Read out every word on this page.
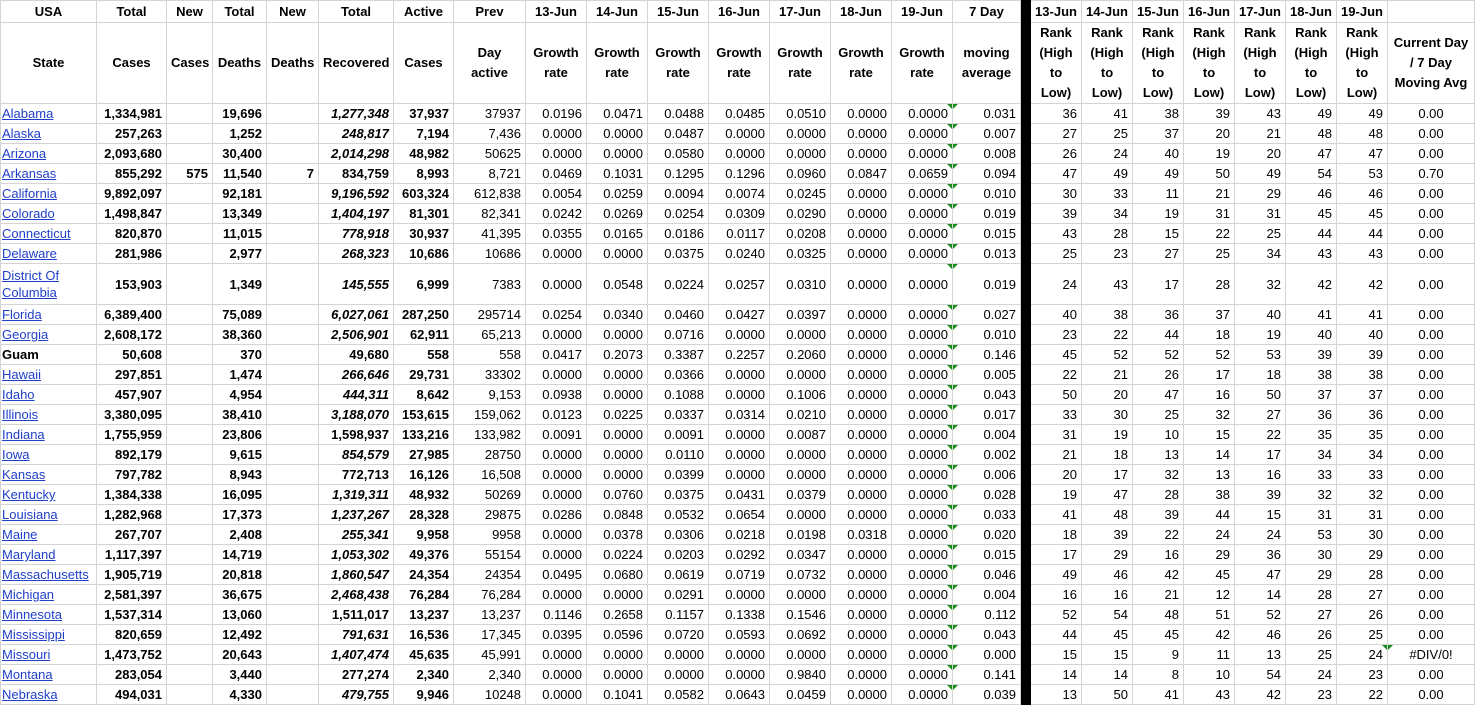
USA	Total	New	Total	New	Total	Active	Prev	13-Jun	14-Jun	15-Jun	16-Jun	17-Jun	18-Jun	19-Jun	7 Day		13-Jun	14-Jun	15-Jun	16-Jun	17-Jun	18-Jun	19-Jun	
State	Cases	Cases	Deaths	Deaths	Recovered	Cases	Day active	Growth rate	Growth rate	Growth rate	Growth rate	Growth rate	Growth rate	Growth rate	moving average		Rank (High to Low)	Rank (High to Low)	Rank (High to Low)	Rank (High to Low)	Rank (High to Low)	Rank (High to Low)	Rank (High to Low)	Current Day / 7 Day Moving Avg
Alabama	1,334,981		19,696		1,277,348	37,937	37937	0.0196	0.0471	0.0488	0.0485	0.0510	0.0000	0.0000	0.031		36	41	38	39	43	49	49	0.00
Alaska	257,263		1,252		248,817	7,194	7,436	0.0000	0.0000	0.0487	0.0000	0.0000	0.0000	0.0000	0.007		27	25	37	20	21	48	48	0.00
Arizona	2,093,680		30,400		2,014,298	48,982	50625	0.0000	0.0000	0.0580	0.0000	0.0000	0.0000	0.0000	0.008		26	24	40	19	20	47	47	0.00
Arkansas	855,292	575	11,540	7	834,759	8,993	8,721	0.0469	0.1031	0.1295	0.1296	0.0960	0.0847	0.0659	0.094		47	49	49	50	49	54	53	0.70
California	9,892,097		92,181		9,196,592	603,324	612,838	0.0054	0.0259	0.0094	0.0074	0.0245	0.0000	0.0000	0.010		30	33	11	21	29	46	46	0.00
Colorado	1,498,847		13,349		1,404,197	81,301	82,341	0.0242	0.0269	0.0254	0.0309	0.0290	0.0000	0.0000	0.019		39	34	19	31	31	45	45	0.00
Connecticut	820,870		11,015		778,918	30,937	41,395	0.0355	0.0165	0.0186	0.0117	0.0208	0.0000	0.0000	0.015		43	28	15	22	25	44	44	0.00
Delaware	281,986		2,977		268,323	10,686	10686	0.0000	0.0000	0.0375	0.0240	0.0325	0.0000	0.0000	0.013		25	23	27	25	34	43	43	0.00
District Of Columbia	153,903		1,349		145,555	6,999	7383	0.0000	0.0548	0.0224	0.0257	0.0310	0.0000	0.0000	0.019		24	43	17	28	32	42	42	0.00
Florida	6,389,400		75,089		6,027,061	287,250	295714	0.0254	0.0340	0.0460	0.0427	0.0397	0.0000	0.0000	0.027		40	38	36	37	40	41	41	0.00
Georgia	2,608,172		38,360		2,506,901	62,911	65,213	0.0000	0.0000	0.0716	0.0000	0.0000	0.0000	0.0000	0.010		23	22	44	18	19	40	40	0.00
Guam	50,608		370		49,680	558	558	0.0417	0.2073	0.3387	0.2257	0.2060	0.0000	0.0000	0.146		45	52	52	52	53	39	39	0.00
Hawaii	297,851		1,474		266,646	29,731	33302	0.0000	0.0000	0.0366	0.0000	0.0000	0.0000	0.0000	0.005		22	21	26	17	18	38	38	0.00
Idaho	457,907		4,954		444,311	8,642	9,153	0.0938	0.0000	0.1088	0.0000	0.1006	0.0000	0.0000	0.043		50	20	47	16	50	37	37	0.00
Illinois	3,380,095		38,410		3,188,070	153,615	159,062	0.0123	0.0225	0.0337	0.0314	0.0210	0.0000	0.0000	0.017		33	30	25	32	27	36	36	0.00
Indiana	1,755,959		23,806		1,598,937	133,216	133,982	0.0091	0.0000	0.0091	0.0000	0.0087	0.0000	0.0000	0.004		31	19	10	15	22	35	35	0.00
Iowa	892,179		9,615		854,579	27,985	28750	0.0000	0.0000	0.0110	0.0000	0.0000	0.0000	0.0000	0.002		21	18	13	14	17	34	34	0.00
Kansas	797,782		8,943		772,713	16,126	16,508	0.0000	0.0000	0.0399	0.0000	0.0000	0.0000	0.0000	0.006		20	17	32	13	16	33	33	0.00
Kentucky	1,384,338		16,095		1,319,311	48,932	50269	0.0000	0.0760	0.0375	0.0431	0.0379	0.0000	0.0000	0.028		19	47	28	38	39	32	32	0.00
Louisiana	1,282,968		17,373		1,237,267	28,328	29875	0.0286	0.0848	0.0532	0.0654	0.0000	0.0000	0.0000	0.033		41	48	39	44	15	31	31	0.00
Maine	267,707		2,408		255,341	9,958	9958	0.0000	0.0378	0.0306	0.0218	0.0198	0.0318	0.0000	0.020		18	39	22	24	24	53	30	0.00
Maryland	1,117,397		14,719		1,053,302	49,376	55154	0.0000	0.0224	0.0203	0.0292	0.0347	0.0000	0.0000	0.015		17	29	16	29	36	30	29	0.00
Massachusetts	1,905,719		20,818		1,860,547	24,354	24354	0.0495	0.0680	0.0619	0.0719	0.0732	0.0000	0.0000	0.046		49	46	42	45	47	29	28	0.00
Michigan	2,581,397		36,675		2,468,438	76,284	76,284	0.0000	0.0000	0.0291	0.0000	0.0000	0.0000	0.0000	0.004		16	16	21	12	14	28	27	0.00
Minnesota	1,537,314		13,060		1,511,017	13,237	13,237	0.1146	0.2658	0.1157	0.1338	0.1546	0.0000	0.0000	0.112		52	54	48	51	52	27	26	0.00
Mississippi	820,659		12,492		791,631	16,536	17,345	0.0395	0.0596	0.0720	0.0593	0.0692	0.0000	0.0000	0.043		44	45	45	42	46	26	25	0.00
Missouri	1,473,752		20,643		1,407,474	45,635	45,991	0.0000	0.0000	0.0000	0.0000	0.0000	0.0000	0.0000	0.000		15	15	9	11	13	25	24	#DIV/0!
Montana	283,054		3,440		277,274	2,340	2,340	0.0000	0.0000	0.0000	0.0000	0.9840	0.0000	0.0000	0.141		14	14	8	10	54	24	23	0.00
Nebraska	494,031		4,330		479,755	9,946	10248	0.0000	0.1041	0.0582	0.0643	0.0459	0.0000	0.0000	0.039		13	50	41	43	42	23	22	0.00
